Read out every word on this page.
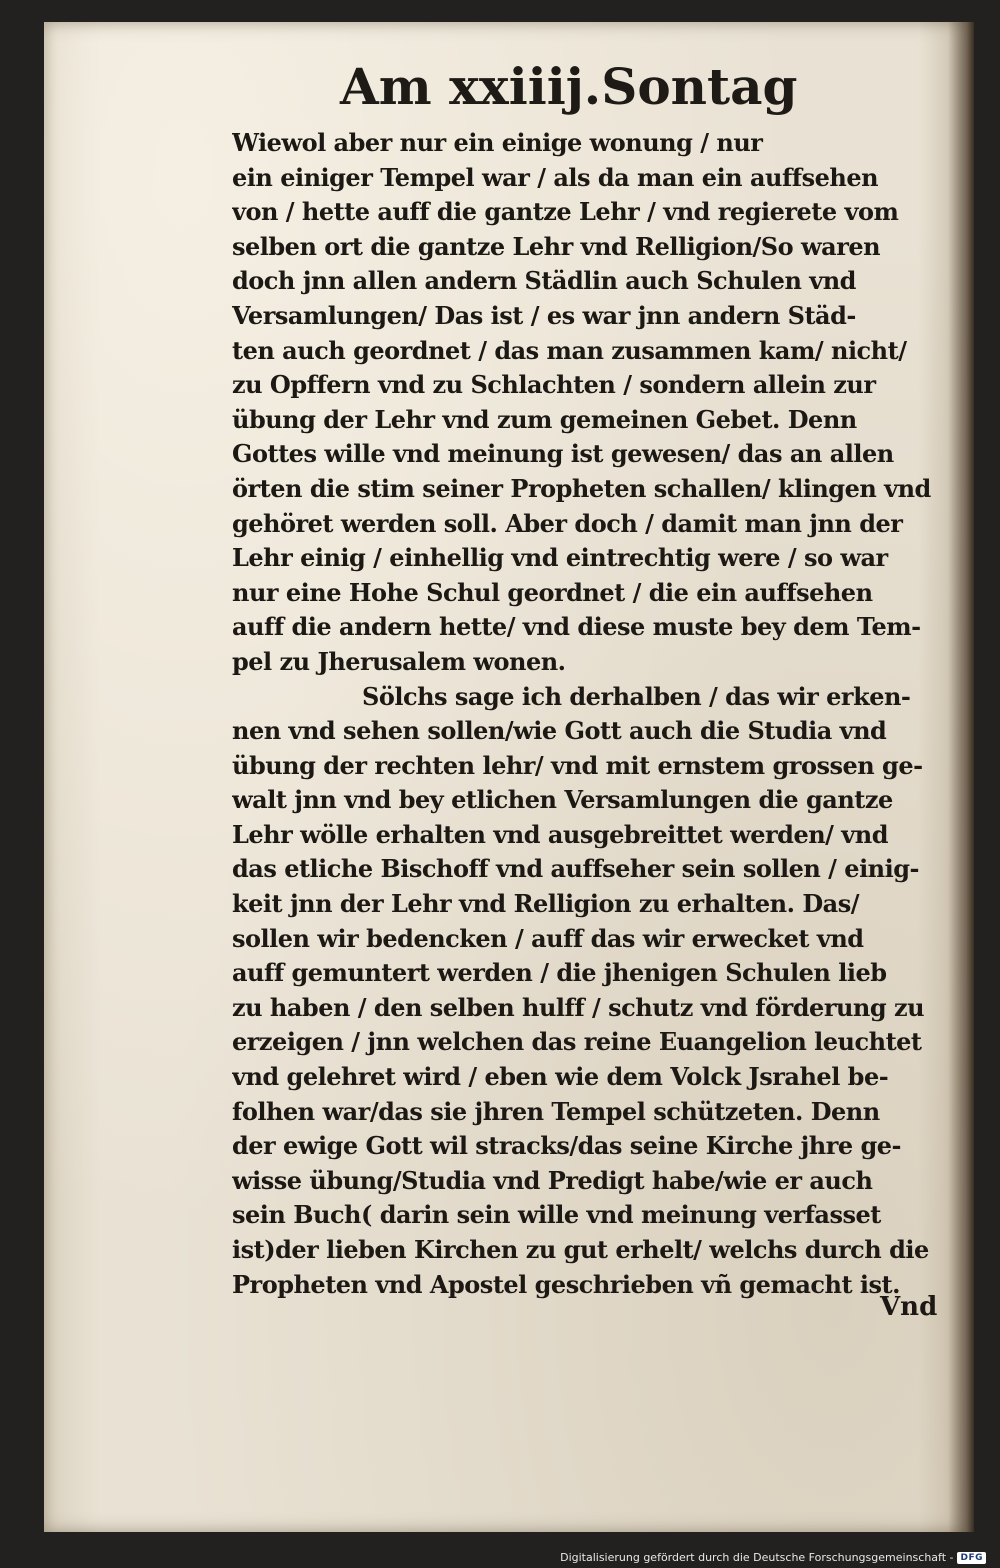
Am xxiiij.Sontag
Wiewol aber nur ein einige wonung / nur
ein einiger Tempel war / als da man ein auffsehen
von / hette auff die gantze Lehr / vnd regierete vom
selben ort die gantze Lehr vnd Relligion/So waren
doch jnn allen andern Städlin auch Schulen vnd
Versamlungen/ Das ist / es war jnn andern Städ-
ten auch geordnet / das man zusammen kam/ nicht/
zu Opffern vnd zu Schlachten / sondern allein zur
übung der Lehr vnd zum gemeinen Gebet. Denn
Gottes wille vnd meinung ist gewesen/ das an allen
örten die stim seiner Propheten schallen/ klingen vnd
gehöret werden soll. Aber doch / damit man jnn der
Lehr einig / einhellig vnd eintrechtig were / so war
nur eine Hohe Schul geordnet / die ein auffsehen
auff die andern hette/ vnd diese muste bey dem Tem-
pel zu Jherusalem wonen.
Sölchs sage ich derhalben / das wir erken-
nen vnd sehen sollen/wie Gott auch die Studia vnd
übung der rechten lehr/ vnd mit ernstem grossen ge-
walt jnn vnd bey etlichen Versamlungen die gantze
Lehr wölle erhalten vnd ausgebreittet werden/ vnd
das etliche Bischoff vnd auffseher sein sollen / einig-
keit jnn der Lehr vnd Relligion zu erhalten. Das/
sollen wir bedencken / auff das wir erwecket vnd
auff gemuntert werden / die jhenigen Schulen lieb
zu haben / den selben hulff / schutz vnd förderung zu
erzeigen / jnn welchen das reine Euangelion leuchtet
vnd gelehret wird / eben wie dem Volck Jsrahel be-
folhen war/das sie jhren Tempel schützeten. Denn
der ewige Gott wil stracks/das seine Kirche jhre ge-
wisse übung/Studia vnd Predigt habe/wie er auch
sein Buch( darin sein wille vnd meinung verfasset
ist)der lieben Kirchen zu gut erhelt/ welchs durch die
Propheten vnd Apostel geschrieben vñ gemacht ist.
Vnd
Digitalisierung gefördert durch die Deutsche Forschungsgemeinschaft - DFG
